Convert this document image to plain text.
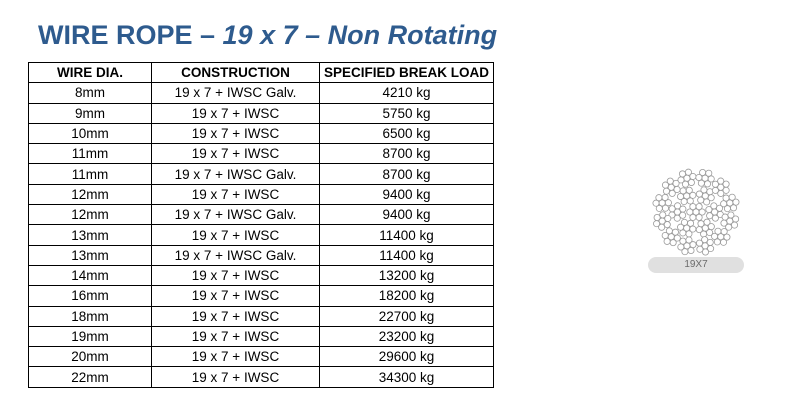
WIRE ROPE – 19 x 7 – Non Rotating
WIRE DIA.	CONSTRUCTION	SPECIFIED BREAK LOAD
8mm	19 x 7 + IWSC Galv.	4210 kg
9mm	19 x 7 + IWSC	5750 kg
10mm	19 x 7 + IWSC	6500 kg
11mm	19 x 7 + IWSC	8700 kg
11mm	19 x 7 + IWSC Galv.	8700 kg
12mm	19 x 7 + IWSC	9400 kg
12mm	19 x 7 + IWSC Galv.	9400 kg
13mm	19 x 7 + IWSC	11400 kg
13mm	19 x 7 + IWSC Galv.	11400 kg
14mm	19 x 7 + IWSC	13200 kg
16mm	19 x 7 + IWSC	18200 kg
18mm	19 x 7 + IWSC	22700 kg
19mm	19 x 7 + IWSC	23200 kg
20mm	19 x 7 + IWSC	29600 kg
22mm	19 x 7 + IWSC	34300 kg
19X7
